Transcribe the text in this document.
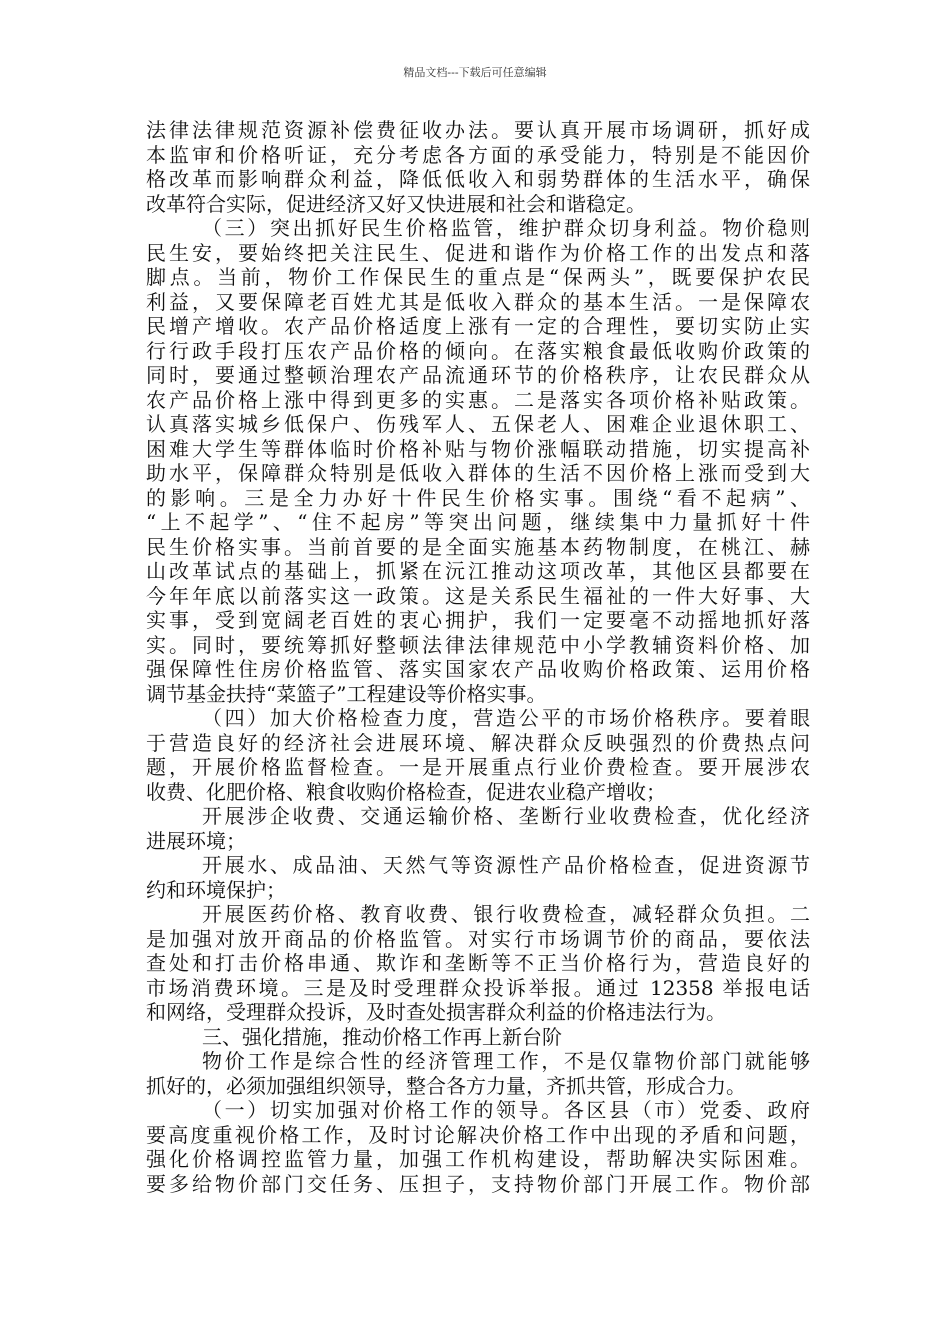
精品文档---下载后可任意编辑
法律法律规范资源补偿费征收办法。要认真开展市场调研，抓好成
本监审和价格听证，充分考虑各方面的承受能力，特别是不能因价
格改革而影响群众利益，降低低收入和弱势群体的生活水平，确保
改革符合实际，促进经济又好又快进展和社会和谐稳定。
（三）突出抓好民生价格监管，维护群众切身利益。物价稳则
民生安，要始终把关注民生、促进和谐作为价格工作的出发点和落
脚点。当前，物价工作保民生的重点是“保两头”，既要保护农民
利益，又要保障老百姓尤其是低收入群众的基本生活。一是保障农
民增产增收。农产品价格适度上涨有一定的合理性，要切实防止实
行行政手段打压农产品价格的倾向。在落实粮食最低收购价政策的
同时，要通过整顿治理农产品流通环节的价格秩序，让农民群众从
农产品价格上涨中得到更多的实惠。二是落实各项价格补贴政策。
认真落实城乡低保户、伤残军人、五保老人、困难企业退休职工、
困难大学生等群体临时价格补贴与物价涨幅联动措施，切实提高补
助水平，保障群众特别是低收入群体的生活不因价格上涨而受到大
的影响。三是全力办好十件民生价格实事。围绕“看不起病”、
“上不起学”、“住不起房”等突出问题，继续集中力量抓好十件
民生价格实事。当前首要的是全面实施基本药物制度，在桃江、赫
山改革试点的基础上，抓紧在沅江推动这项改革，其他区县都要在
今年年底以前落实这一政策。这是关系民生福祉的一件大好事、大
实事，受到宽阔老百姓的衷心拥护，我们一定要毫不动摇地抓好落
实。同时，要统筹抓好整顿法律法律规范中小学教辅资料价格、加
强保障性住房价格监管、落实国家农产品收购价格政策、运用价格
调节基金扶持“菜篮子”工程建设等价格实事。
（四）加大价格检查力度，营造公平的市场价格秩序。要着眼
于营造良好的经济社会进展环境、解决群众反映强烈的价费热点问
题，开展价格监督检查。一是开展重点行业价费检查。要开展涉农
收费、化肥价格、粮食收购价格检查，促进农业稳产增收；
开展涉企收费、交通运输价格、垄断行业收费检查，优化经济
进展环境；
开展水、成品油、天然气等资源性产品价格检查，促进资源节
约和环境保护；
开展医药价格、教育收费、银行收费检查，减轻群众负担。二
是加强对放开商品的价格监管。对实行市场调节价的商品，要依法
查处和打击价格串通、欺诈和垄断等不正当价格行为，营造良好的
市场消费环境。三是及时受理群众投诉举报。通过 12358 举报电话
和网络，受理群众投诉，及时查处损害群众利益的价格违法行为。
三、强化措施，推动价格工作再上新台阶
物价工作是综合性的经济管理工作，不是仅靠物价部门就能够
抓好的，必须加强组织领导，整合各方力量，齐抓共管，形成合力。
（一）切实加强对价格工作的领导。各区县（市）党委、政府
要高度重视价格工作，及时讨论解决价格工作中出现的矛盾和问题，
强化价格调控监管力量，加强工作机构建设，帮助解决实际困难。
要多给物价部门交任务、压担子，支持物价部门开展工作。物价部
